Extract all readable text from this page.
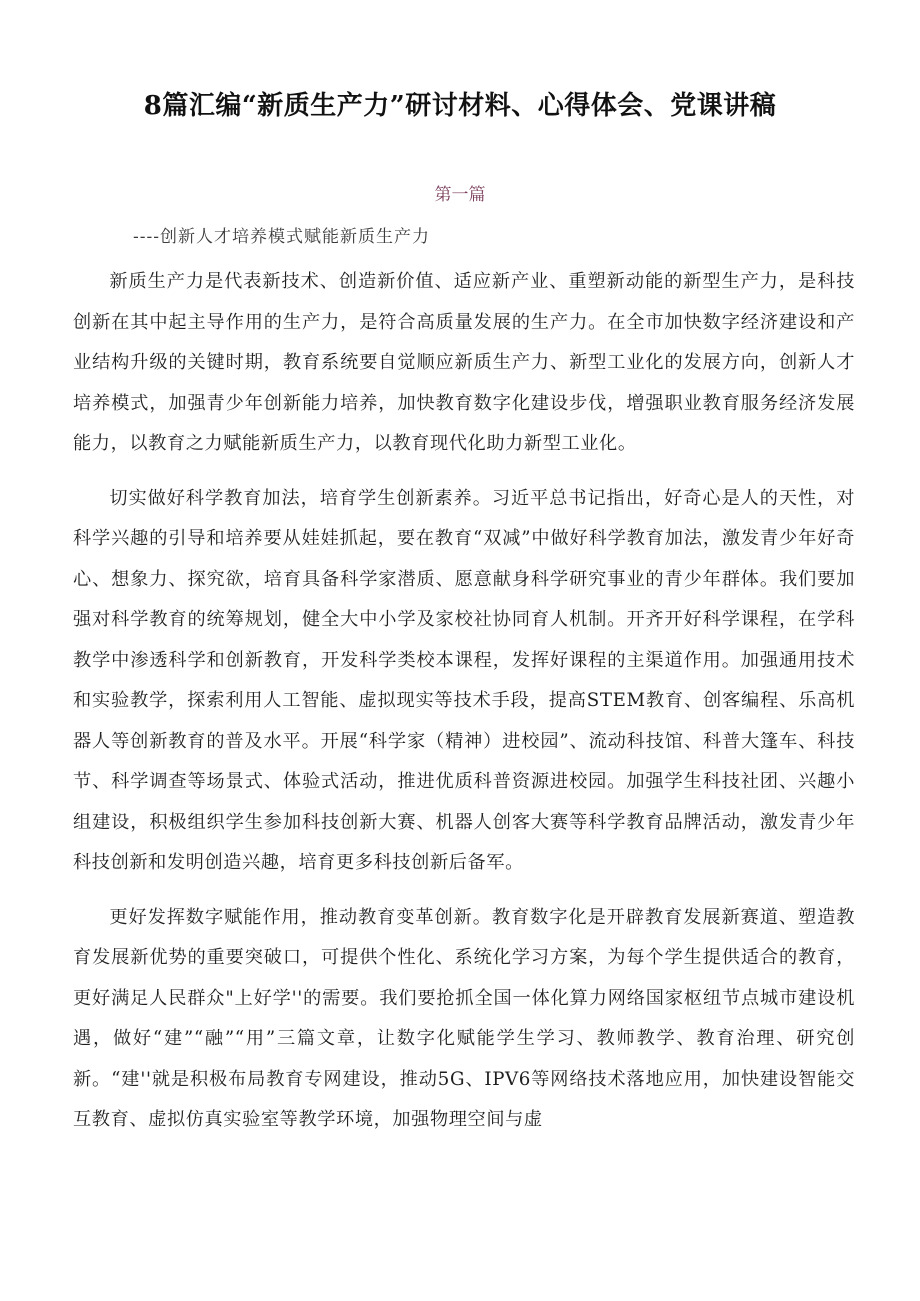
8篇汇编“新质生产力”研讨材料、心得体会、党课讲稿
第一篇
----创新人才培养模式赋能新质生产力

新质生产力是代表新技术、创造新价值、适应新产业、重塑新动能的新型生产力，是科技创新在其中起主导作用的生产力，是符合高质量发展的生产力。在全市加快数字经济建设和产业结构升级的关键时期，教育系统要自觉顺应新质生产力、新型工业化的发展方向，创新人才培养模式，加强青少年创新能力培养，加快教育数字化建设步伐，增强职业教育服务经济发展能力，以教育之力赋能新质生产力，以教育现代化助力新型工业化。

切实做好科学教育加法，培育学生创新素养。习近平总书记指出，好奇心是人的天性，对科学兴趣的引导和培养要从娃娃抓起，要在教育“双减”中做好科学教育加法，激发青少年好奇心、想象力、探究欲，培育具备科学家潜质、愿意献身科学研究事业的青少年群体。我们要加强对科学教育的统筹规划，健全大中小学及家校社协同育人机制。开齐开好科学课程，在学科教学中渗透科学和创新教育，开发科学类校本课程，发挥好课程的主渠道作用。加强通用技术和实验教学，探索利用人工智能、虚拟现实等技术手段，提高STEM教育、创客编程、乐高机器人等创新教育的普及水平。开展“科学家（精神）进校园”、流动科技馆、科普大篷车、科技节、科学调查等场景式、体验式活动，推进优质科普资源进校园。加强学生科技社团、兴趣小组建设，积极组织学生参加科技创新大赛、机器人创客大赛等科学教育品牌活动，激发青少年科技创新和发明创造兴趣，培育更多科技创新后备军。

更好发挥数字赋能作用，推动教育变革创新。教育数字化是开辟教育发展新赛道、塑造教育发展新优势的重要突破口，可提供个性化、系统化学习方案，为每个学生提供适合的教育，更好满足人民群众"上好学''的需要。我们要抢抓全国一体化算力网络国家枢纽节点城市建设机遇，做好“建”“融”“用”三篇文章，让数字化赋能学生学习、教师教学、教育治理、研究创新。“建''就是积极布局教育专网建设，推动5G、IPV6等网络技术落地应用，加快建设智能交互教育、虚拟仿真实验室等教学环境，加强物理空间与虚
